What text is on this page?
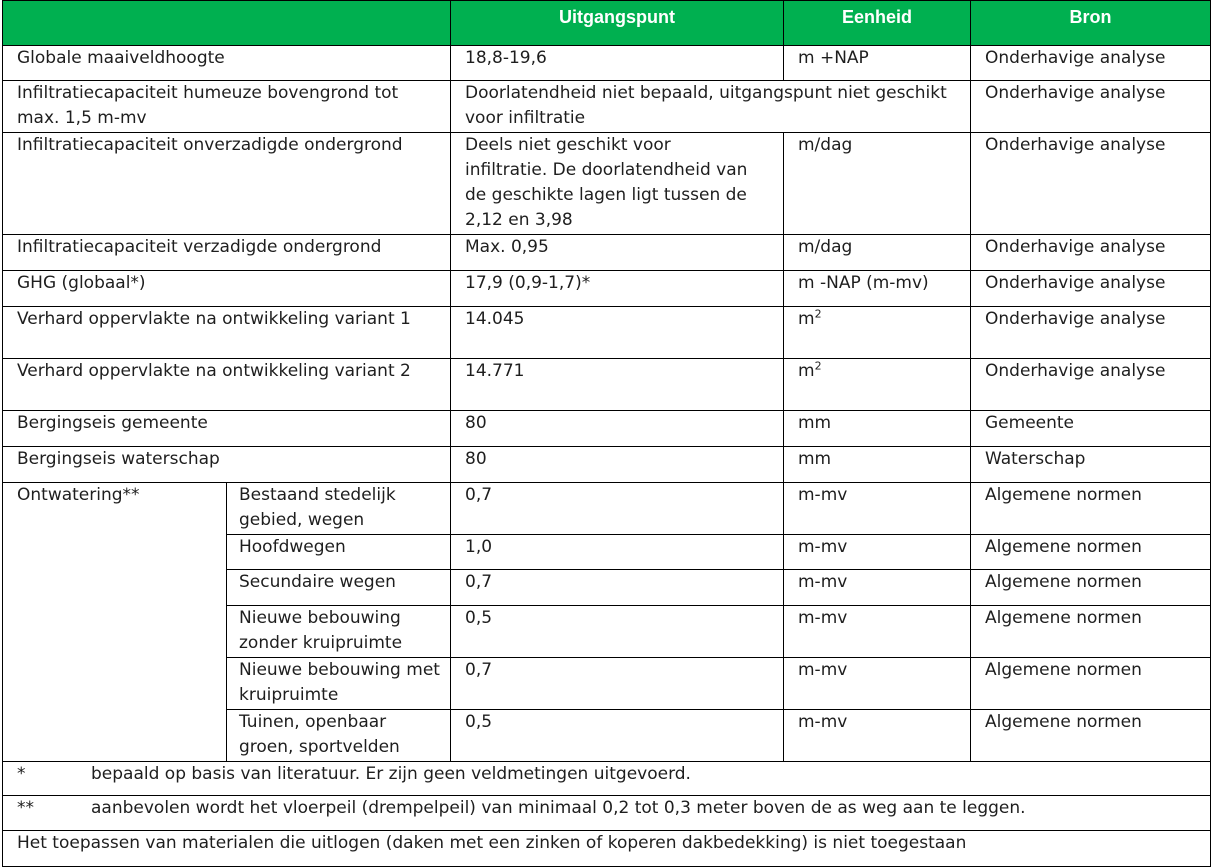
		Uitgangspunt	Eenheid	Bron
Globale maaiveldhoogte		18,8-19,6	m +NAP	Onderhavige analyse
Infiltratiecapaciteit humeuze bovengrond tot max. 1,5 m-mv		Doorlatendheid niet bepaald, uitgangspunt niet geschikt voor infiltratie		Onderhavige analyse
Infiltratiecapaciteit onverzadigde ondergrond		Deels niet geschikt voor infiltratie. De doorlatendheid van de geschikte lagen ligt tussen de 2,12 en 3,98	m/dag	Onderhavige analyse
Infiltratiecapaciteit verzadigde ondergrond		Max. 0,95	m/dag	Onderhavige analyse
GHG (globaal*)		17,9 (0,9-1,7)*	m -NAP (m-mv)	Onderhavige analyse
Verhard oppervlakte na ontwikkeling variant 1		14.045	$m^2$	Onderhavige analyse
Verhard oppervlakte na ontwikkeling variant 2		14.771	$m^2$	Onderhavige analyse
Bergingseis gemeente		80	mm	Gemeente
Bergingseis waterschap		80	mm	Waterschap
Ontwatering**	Bestaand stedelijk gebied, wegen	0,7	m-mv	Algemene normen
	Hoofdwegen	1,0	m-mv	Algemene normen
	Secundaire wegen	0,7	m-mv	Algemene normen
	Nieuwe bebouwing zonder kruipruimte	0,5	m-mv	Algemene normen
	Nieuwe bebouwing met kruipruimte	0,7	m-mv	Algemene normen
	Tuinen, openbaar groen, sportvelden	0,5	m-mv	Algemene normen
* bepaald op basis van literatuur. Er zijn geen veldmetingen uitgevoerd.				
** aanbevolen wordt het vloerpeil (drempelpeil) van minimaal 0,2 tot 0,3 meter boven de as weg aan te leggen.				
Het toepassen van materialen die uitlogen (daken met een zinken of koperen dakbedekking) is niet toegestaan				
